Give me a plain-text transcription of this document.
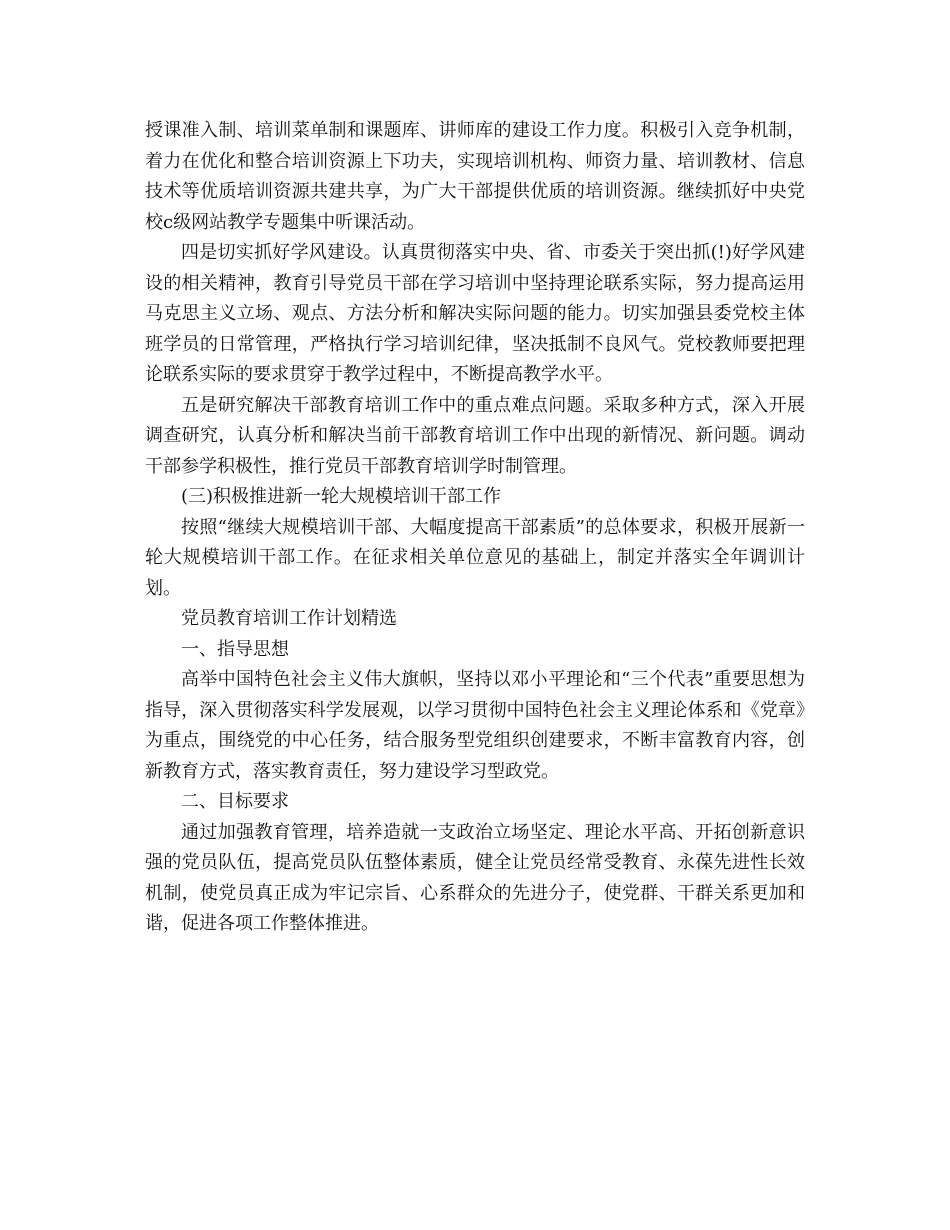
授课准入制、培训菜单制和课题库、讲师库的建设工作力度。积极引入竞争机制，着力在优化和整合培训资源上下功夫，实现培训机构、师资力量、培训教材、信息技术等优质培训资源共建共享，为广大干部提供优质的培训资源。继续抓好中央党校c级网站教学专题集中听课活动。

四是切实抓好学风建设。认真贯彻落实中央、省、市委关于突出抓(!)好学风建设的相关精神，教育引导党员干部在学习培训中坚持理论联系实际，努力提高运用马克思主义立场、观点、方法分析和解决实际问题的能力。切实加强县委党校主体班学员的日常管理，严格执行学习培训纪律，坚决抵制不良风气。党校教师要把理论联系实际的要求贯穿于教学过程中，不断提高教学水平。

五是研究解决干部教育培训工作中的重点难点问题。采取多种方式，深入开展调查研究，认真分析和解决当前干部教育培训工作中出现的新情况、新问题。调动干部参学积极性，推行党员干部教育培训学时制管理。

(三)积极推进新一轮大规模培训干部工作

按照“继续大规模培训干部、大幅度提高干部素质”的总体要求，积极开展新一轮大规模培训干部工作。在征求相关单位意见的基础上，制定并落实全年调训计划。

党员教育培训工作计划精选

一、指导思想

高举中国特色社会主义伟大旗帜，坚持以邓小平理论和“三个代表”重要思想为指导，深入贯彻落实科学发展观，以学习贯彻中国特色社会主义理论体系和《党章》为重点，围绕党的中心任务，结合服务型党组织创建要求，不断丰富教育内容，创新教育方式，落实教育责任，努力建设学习型政党。

二、目标要求

通过加强教育管理，培养造就一支政治立场坚定、理论水平高、开拓创新意识强的党员队伍，提高党员队伍整体素质，健全让党员经常受教育、永葆先进性长效机制，使党员真正成为牢记宗旨、心系群众的先进分子，使党群、干群关系更加和谐，促进各项工作整体推进。
